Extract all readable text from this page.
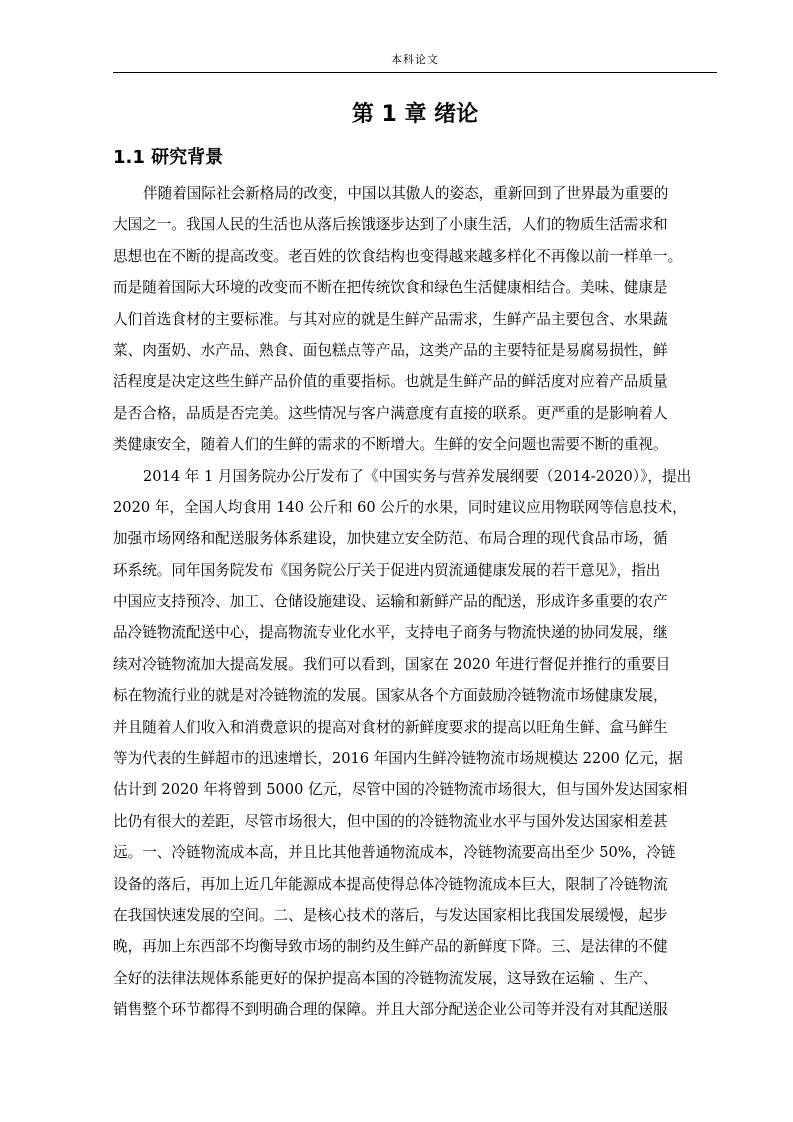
本科论文
第 1 章 绪论
1.1 研究背景
伴随着国际社会新格局的改变，中国以其傲人的姿态，重新回到了世界最为重要的
大国之一。我国人民的生活也从落后挨饿逐步达到了小康生活，人们的物质生活需求和
思想也在不断的提高改变。老百姓的饮食结构也变得越来越多样化不再像以前一样单一。
而是随着国际大环境的改变而不断在把传统饮食和绿色生活健康相结合。美味、健康是
人们首选食材的主要标准。与其对应的就是生鲜产品需求，生鲜产品主要包含、水果蔬
菜、肉蛋奶、水产品、熟食、面包糕点等产品，这类产品的主要特征是易腐易损性，鲜
活程度是决定这些生鲜产品价值的重要指标。也就是生鲜产品的鲜活度对应着产品质量
是否合格，品质是否完美。这些情况与客户满意度有直接的联系。更严重的是影响着人
类健康安全，随着人们的生鲜的需求的不断增大。生鲜的安全问题也需要不断的重视。
2014 年 1 月国务院办公厅发布了《中国实务与营养发展纲要（2014-2020）》，提出
2020 年，全国人均食用 140 公斤和 60 公斤的水果，同时建议应用物联网等信息技术，
加强市场网络和配送服务体系建设，加快建立安全防范、布局合理的现代食品市场，循
环系统。同年国务院发布《国务院公厅关于促进内贸流通健康发展的若干意见》，指出
中国应支持预冷、加工、仓储设施建设、运输和新鲜产品的配送，形成许多重要的农产
品冷链物流配送中心，提高物流专业化水平，支持电子商务与物流快递的协同发展，继
续对冷链物流加大提高发展。我们可以看到，国家在 2020 年进行督促并推行的重要目
标在物流行业的就是对冷链物流的发展。国家从各个方面鼓励冷链物流市场健康发展，
并且随着人们收入和消费意识的提高对食材的新鲜度要求的提高以旺角生鲜、盒马鲜生
等为代表的生鲜超市的迅速增长，2016 年国内生鲜冷链物流市场规模达 2200 亿元，据
估计到 2020 年将曾到 5000 亿元，尽管中国的冷链物流市场很大，但与国外发达国家相
比仍有很大的差距，尽管市场很大，但中国的的冷链物流业水平与国外发达国家相差甚
远。一、冷链物流成本高，并且比其他普通物流成本，冷链物流要高出至少 50%，冷链
设备的落后，再加上近几年能源成本提高使得总体冷链物流成本巨大，限制了冷链物流
在我国快速发展的空间。二、是核心技术的落后，与发达国家相比我国发展缓慢，起步
晚，再加上东西部不均衡导致市场的制约及生鲜产品的新鲜度下降。三、是法律的不健
全好的法律法规体系能更好的保护提高本国的冷链物流发展，这导致在运输 、生产、
销售整个环节都得不到明确合理的保障。并且大部分配送企业公司等并没有对其配送服
